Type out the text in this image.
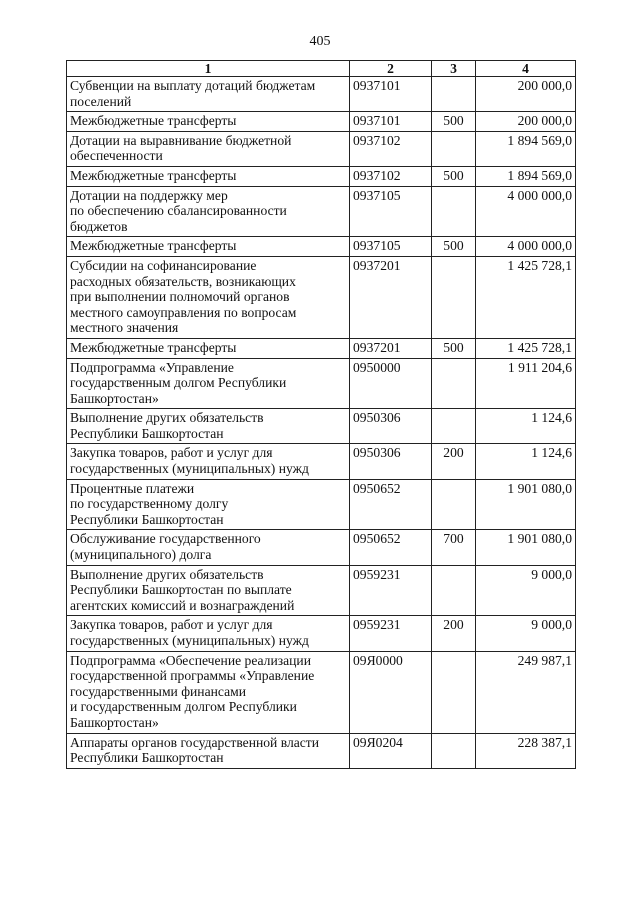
405
1	2	3	4
Субвенции на выплату дотаций бюджетам
поселений	0937101		200 000,0
Межбюджетные трансферты	0937101	500	200 000,0
Дотации на выравнивание бюджетной
обеспеченности	0937102		1 894 569,0
Межбюджетные трансферты	0937102	500	1 894 569,0
Дотации на поддержку мер
по обеспечению сбалансированности
бюджетов	0937105		4 000 000,0
Межбюджетные трансферты	0937105	500	4 000 000,0
Субсидии на софинансирование
расходных обязательств, возникающих
при выполнении полномочий органов
местного самоуправления по вопросам
местного значения	0937201		1 425 728,1
Межбюджетные трансферты	0937201	500	1 425 728,1
Подпрограмма «Управление
государственным долгом Республики
Башкортостан»	0950000		1 911 204,6
Выполнение других обязательств
Республики Башкортостан	0950306		1 124,6
Закупка товаров, работ и услуг для
государственных (муниципальных) нужд	0950306	200	1 124,6
Процентные платежи
по государственному долгу
Республики Башкортостан	0950652		1 901 080,0
Обслуживание государственного
(муниципального) долга	0950652	700	1 901 080,0
Выполнение других обязательств
Республики Башкортостан по выплате
агентских комиссий и вознаграждений	0959231		9 000,0
Закупка товаров, работ и услуг для
государственных (муниципальных) нужд	0959231	200	9 000,0
Подпрограмма «Обеспечение реализации
государственной программы «Управление
государственными финансами
и государственным долгом Республики
Башкортостан»	09Я0000		249 987,1
Аппараты органов государственной власти
Республики Башкортостан	09Я0204		228 387,1
